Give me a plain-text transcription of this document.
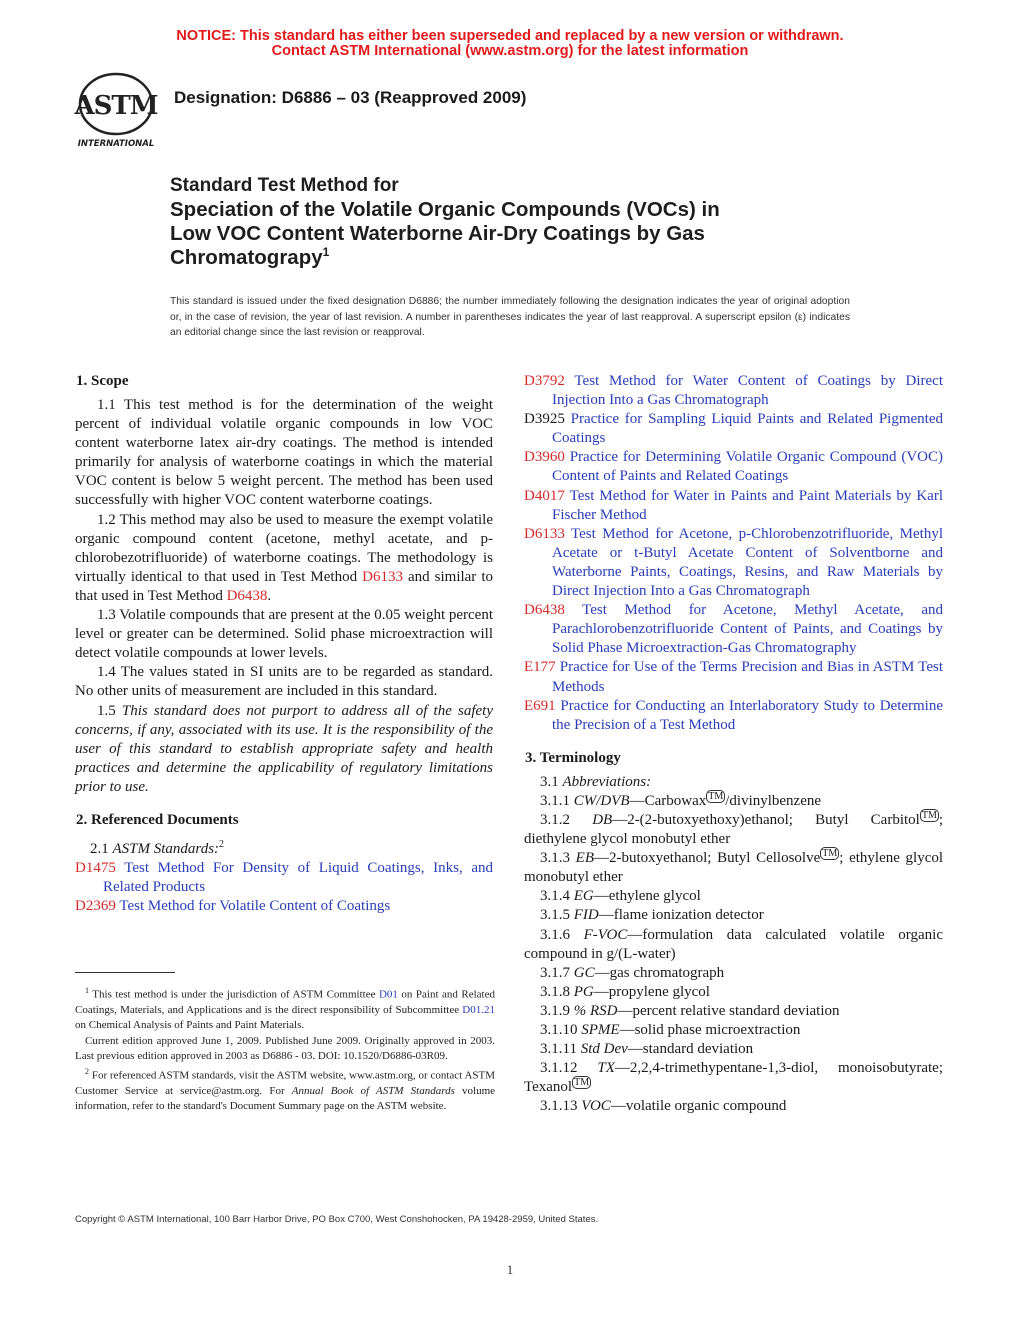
NOTICE: This standard has either been superseded and replaced by a new version or withdrawn.
Contact ASTM International (www.astm.org) for the latest information
ASTM
INTERNATIONAL
Designation: D6886 – 03 (Reapproved 2009)
Standard Test Method for
Speciation of the Volatile Organic Compounds (VOCs) in
Low VOC Content Waterborne Air-Dry Coatings by Gas
Chromatograpy$^1$
This standard is issued under the fixed designation D6886; the number immediately following the designation indicates the year of original adoption or, in the case of revision, the year of last revision. A number in parentheses indicates the year of last reapproval. A superscript epsilon (ε) indicates an editorial change since the last revision or reapproval.
1. Scope

1.1 This test method is for the determination of the weight percent of individual volatile organic compounds in low VOC content waterborne latex air-dry coatings. The method is intended primarily for analysis of waterborne coatings in which the material VOC content is below 5 weight percent. The method has been used successfully with higher VOC content waterborne coatings.

1.2 This method may also be used to measure the exempt volatile organic compound content (acetone, methyl acetate, and p-chlorobezotrifluoride) of waterborne coatings. The methodology is virtually identical to that used in Test Method D6133 and similar to that used in Test Method D6438.

1.3 Volatile compounds that are present at the 0.05 weight percent level or greater can be determined. Solid phase microextraction will detect volatile compounds at lower levels.

1.4 The values stated in SI units are to be regarded as standard. No other units of measurement are included in this standard.

1.5 This standard does not purport to address all of the safety concerns, if any, associated with its use. It is the responsibility of the user of this standard to establish appropriate safety and health practices and determine the applicability of regulatory limitations prior to use.

2. Referenced Documents

2.1 ASTM Standards:$^2$

D1475 Test Method For Density of Liquid Coatings, Inks, and Related Products

D2369 Test Method for Volatile Content of Coatings

$^1$ This test method is under the jurisdiction of ASTM Committee D01 on Paint and Related Coatings, Materials, and Applications and is the direct responsibility of Subcommittee D01.21 on Chemical Analysis of Paints and Paint Materials.

Current edition approved June 1, 2009. Published June 2009. Originally approved in 2003. Last previous edition approved in 2003 as D6886 - 03. DOI: 10.1520/D6886-03R09.

$^2$ For referenced ASTM standards, visit the ASTM website, www.astm.org, or contact ASTM Customer Service at service@astm.org. For Annual Book of ASTM Standards volume information, refer to the standard's Document Summary page on the ASTM website.

D3792 Test Method for Water Content of Coatings by Direct Injection Into a Gas Chromatograph

D3925 Practice for Sampling Liquid Paints and Related Pigmented Coatings

D3960 Practice for Determining Volatile Organic Compound (VOC) Content of Paints and Related Coatings

D4017 Test Method for Water in Paints and Paint Materials by Karl Fischer Method

D6133 Test Method for Acetone, p-Chlorobenzotrifluoride, Methyl Acetate or t-Butyl Acetate Content of Solventborne and Waterborne Paints, Coatings, Resins, and Raw Materials by Direct Injection Into a Gas Chromatograph

D6438 Test Method for Acetone, Methyl Acetate, and Parachlorobenzotrifluoride Content of Paints, and Coatings by Solid Phase Microextraction-Gas Chromatography

E177 Practice for Use of the Terms Precision and Bias in ASTM Test Methods

E691 Practice for Conducting an Interlaboratory Study to Determine the Precision of a Test Method

3. Terminology

3.1 Abbreviations:

3.1.1 CW/DVB—Carbowax ™ /divinylbenzene

3.1.2 DB—2-(2-butoxyethoxy)ethanol; Butyl Carbitol ™ ; diethylene glycol monobutyl ether

3.1.3 EB—2-butoxyethanol; Butyl Cellosolve ™ ; ethylene glycol monobutyl ether

3.1.4 EG—ethylene glycol

3.1.5 FID—flame ionization detector

3.1.6 F-VOC—formulation data calculated volatile organic compound in g/(L-water)

3.1.7 GC—gas chromatograph

3.1.8 PG—propylene glycol

3.1.9 % RSD—percent relative standard deviation

3.1.10 SPME—solid phase microextraction

3.1.11 Std Dev—standard deviation

3.1.12 TX—2,2,4-trimethypentane-1,3-diol, monoisobutyrate; Texanol ™

3.1.13 VOC—volatile organic compound

Copyright © ASTM International, 100 Barr Harbor Drive, PO Box C700, West Conshohocken, PA 19428-2959, United States.
1
